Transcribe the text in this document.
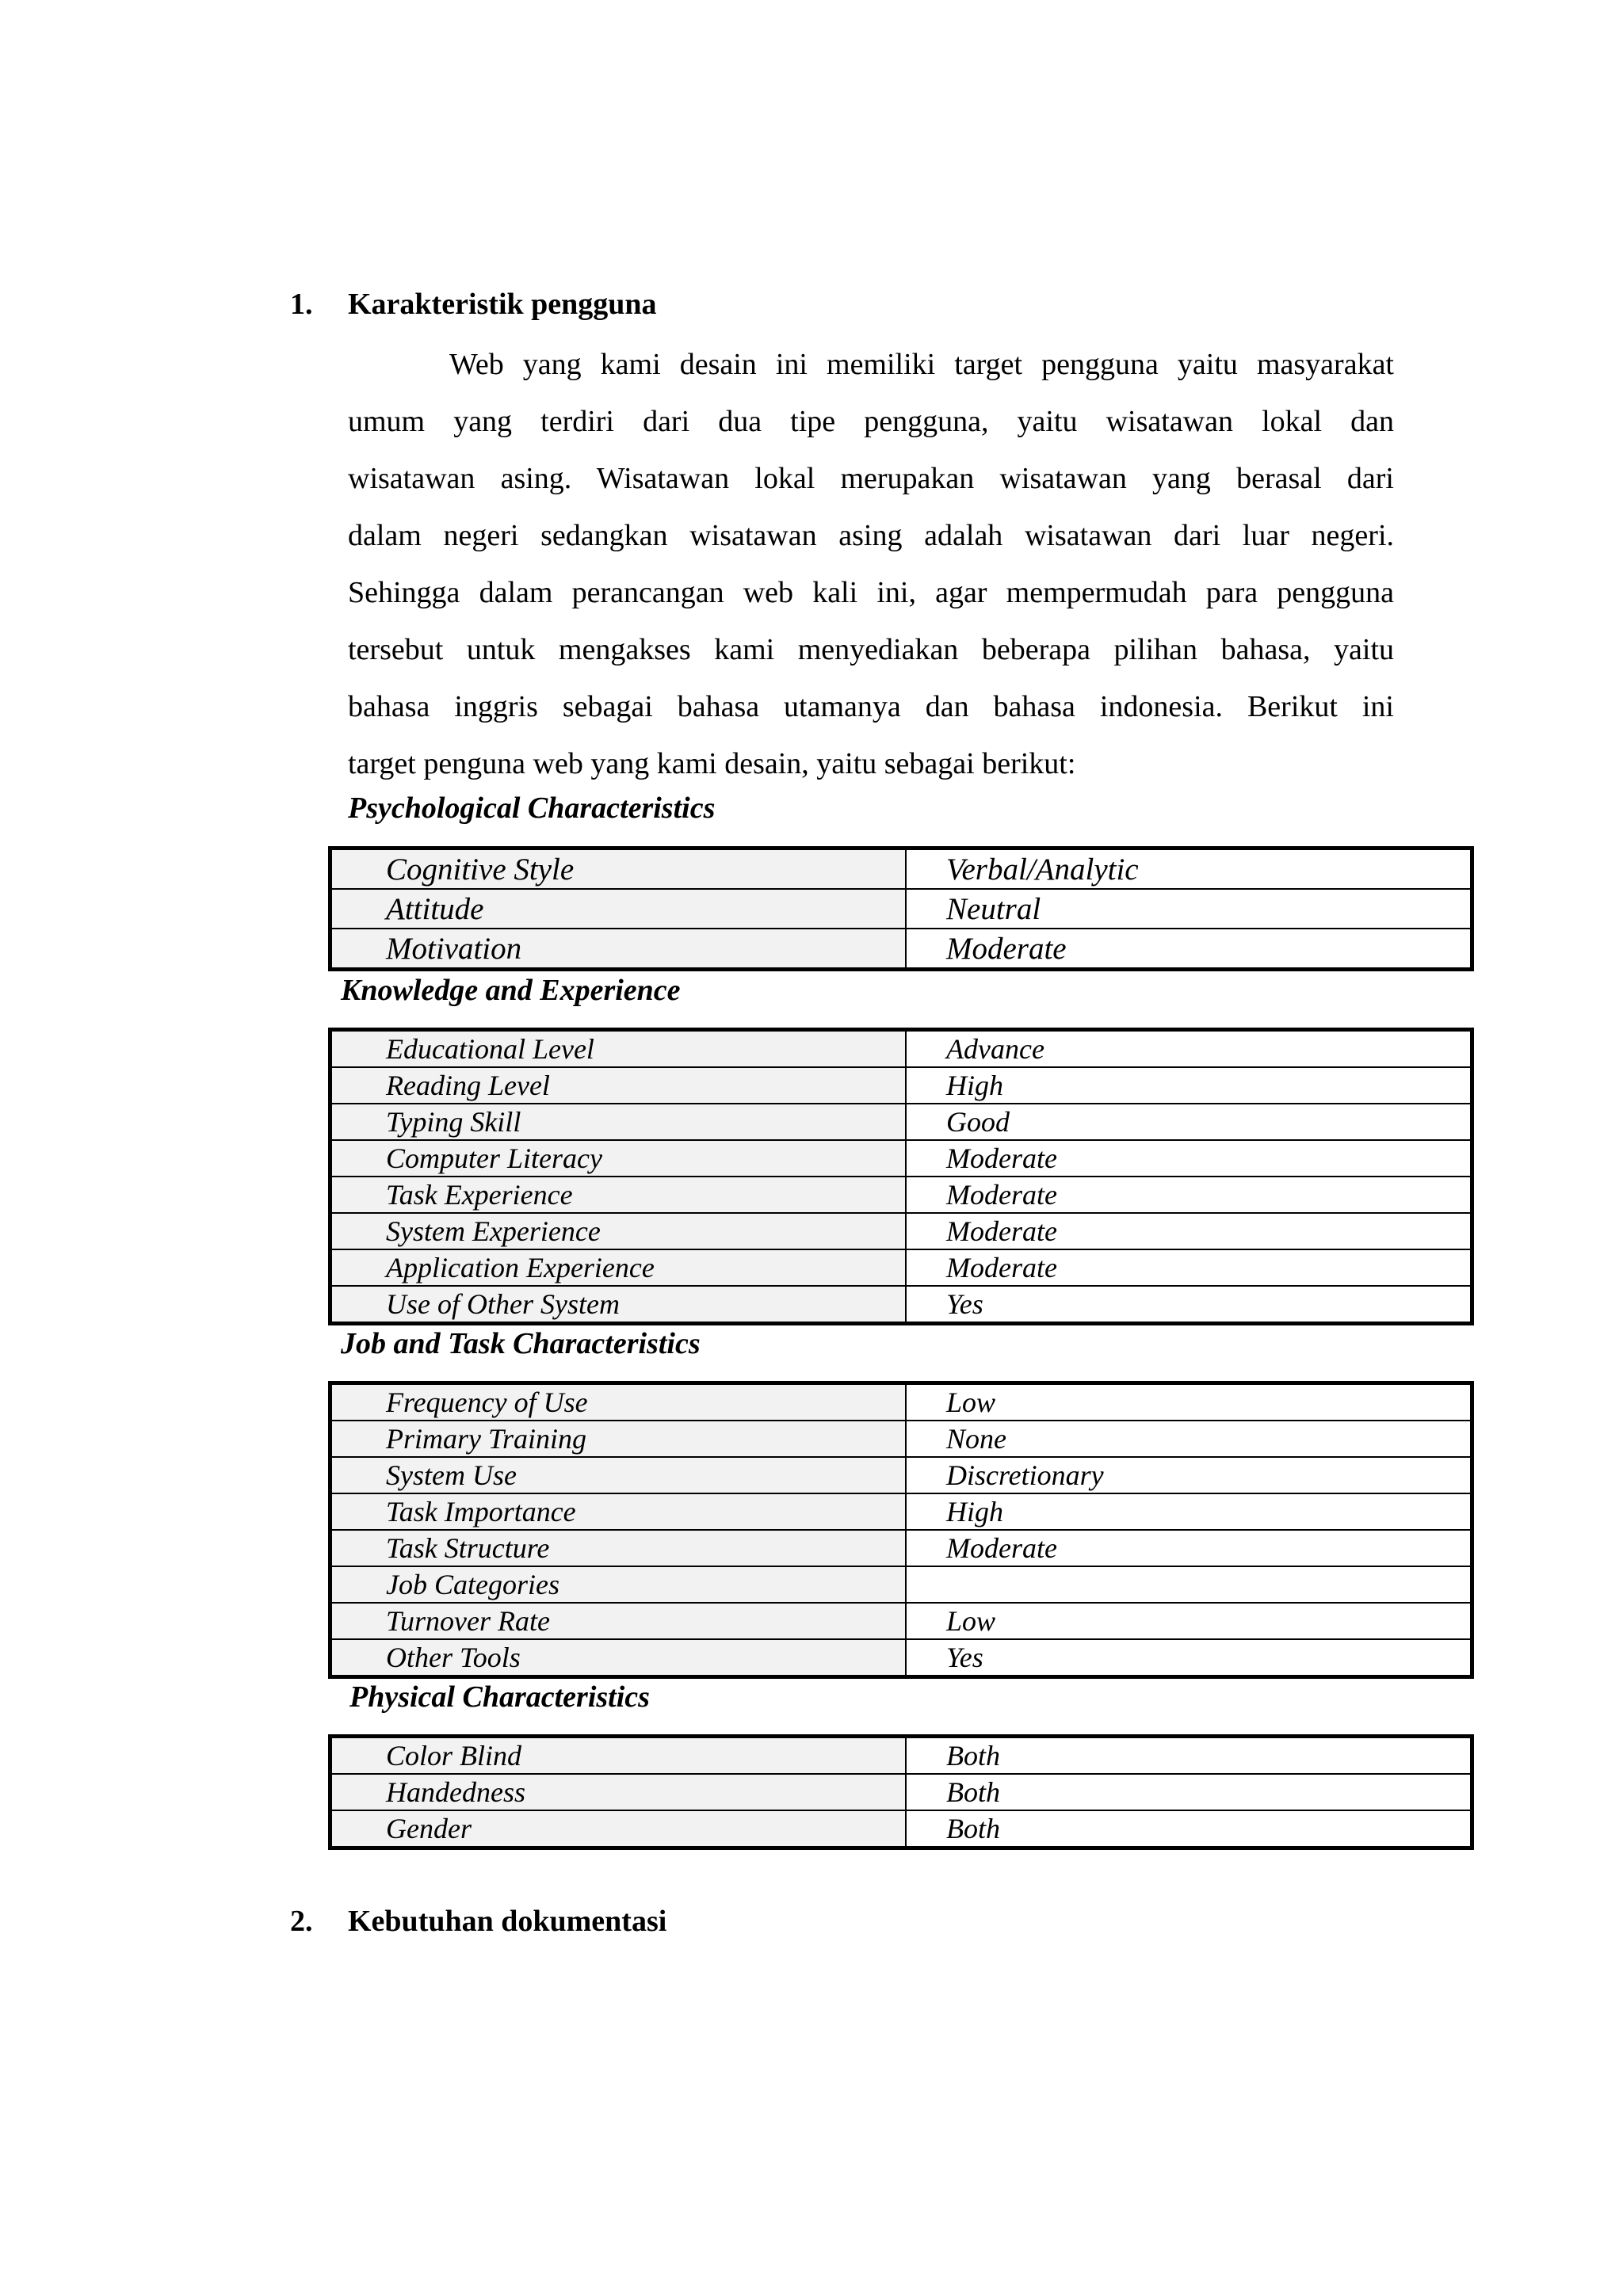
1. Karakteristik pengguna
Web yang kami desain ini memiliki target pengguna yaitu masyarakat
umum yang terdiri dari dua tipe pengguna, yaitu wisatawan lokal dan
wisatawan asing. Wisatawan lokal merupakan wisatawan yang berasal dari
dalam negeri sedangkan wisatawan asing adalah wisatawan dari luar negeri.
Sehingga dalam perancangan web kali ini, agar mempermudah para pengguna
tersebut untuk mengakses kami menyediakan beberapa pilihan bahasa, yaitu
bahasa inggris sebagai bahasa utamanya dan bahasa indonesia. Berikut ini
target penguna web yang kami desain, yaitu sebagai berikut:
Psychological Characteristics
Cognitive Style	Verbal/Analytic
Attitude	Neutral
Motivation	Moderate
Knowledge and Experience
Educational Level	Advance
Reading Level	High
Typing Skill	Good
Computer Literacy	Moderate
Task Experience	Moderate
System Experience	Moderate
Application Experience	Moderate
Use of Other System	Yes
Job and Task Characteristics
Frequency of Use	Low
Primary Training	None
System Use	Discretionary
Task Importance	High
Task Structure	Moderate
Job Categories	
Turnover Rate	Low
Other Tools	Yes
Physical Characteristics
Color Blind	Both
Handedness	Both
Gender	Both
2. Kebutuhan dokumentasi
